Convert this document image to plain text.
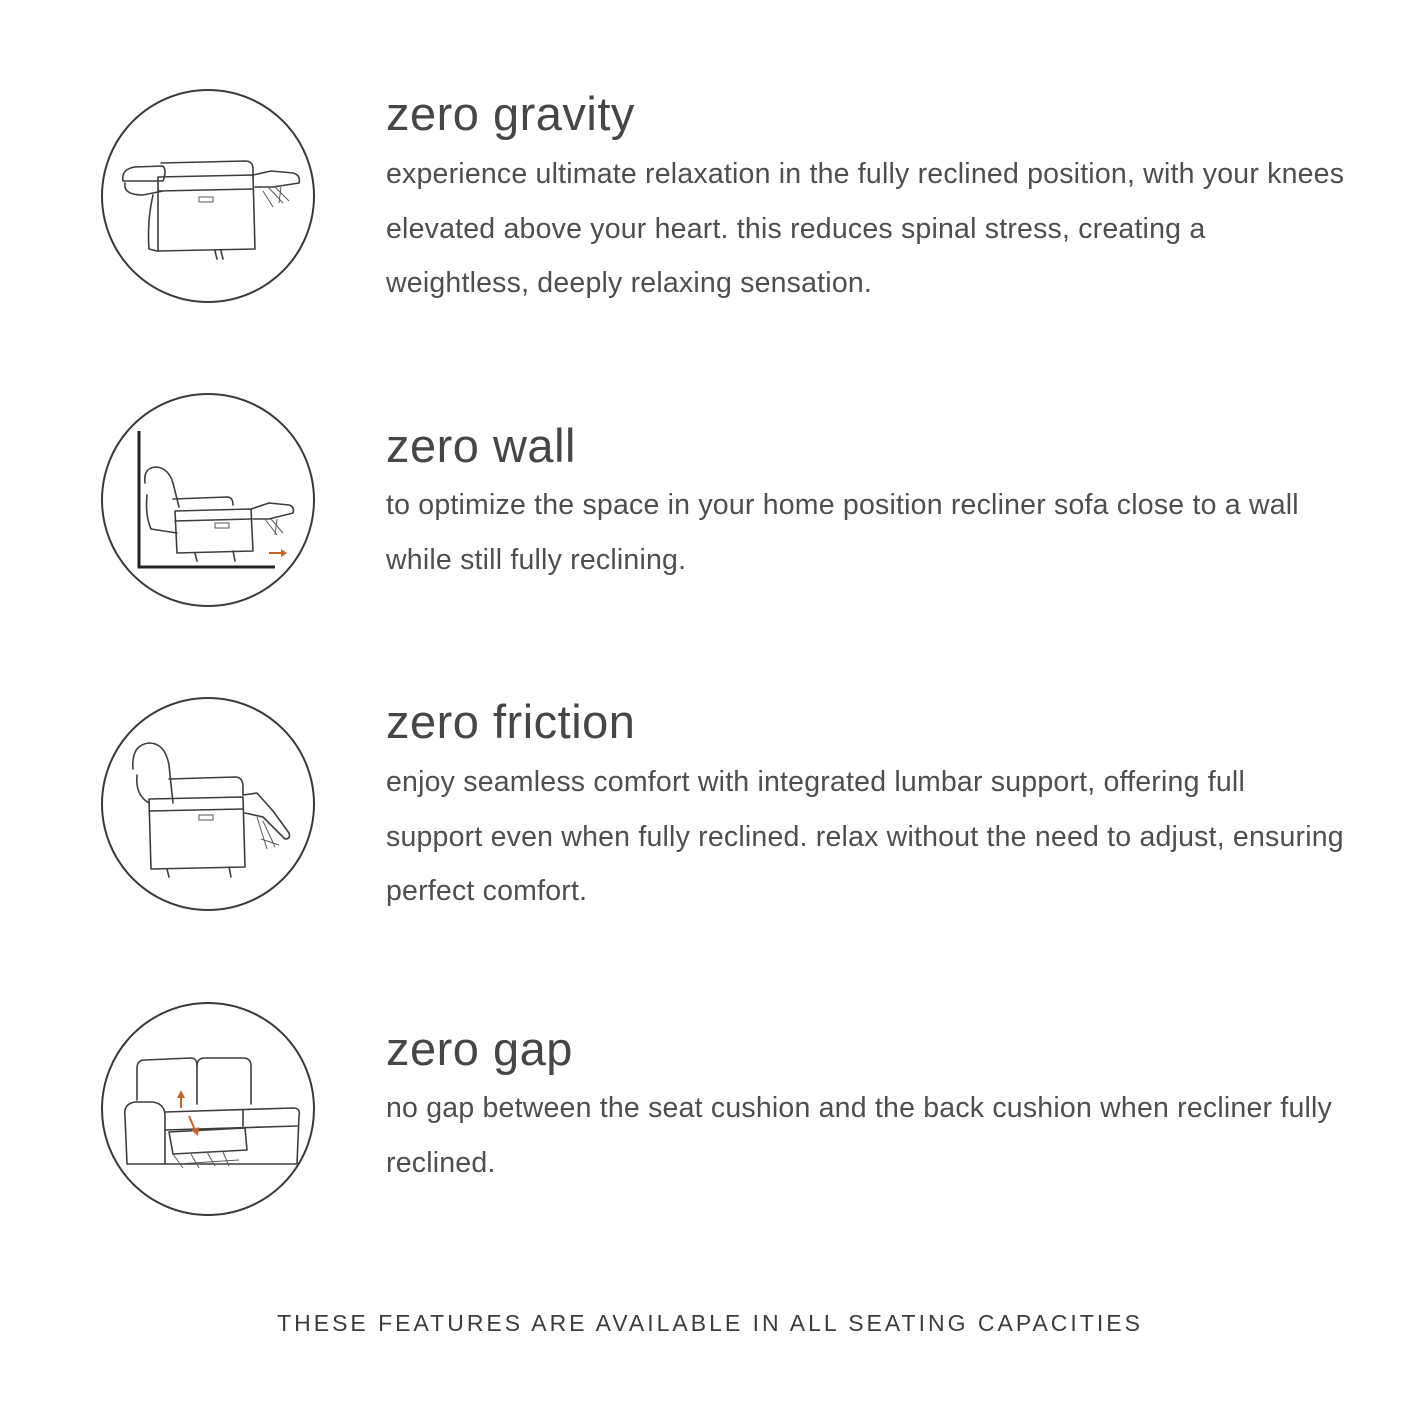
zero gravity
experience ultimate relaxation in the fully reclined position, with your knees elevated above your heart. this reduces spinal stress, creating a weightless, deeply relaxing sensation.
zero wall
to optimize the space in your home position recliner sofa close to a wall while still fully reclining.
zero friction
enjoy seamless comfort with integrated lumbar support, offering full support even when fully reclined. relax without the need to adjust, ensuring perfect comfort.
zero gap
no gap between the seat cushion and the back cushion when recliner fully reclined.
THESE FEATURES ARE AVAILABLE IN ALL SEATING CAPACITIES
